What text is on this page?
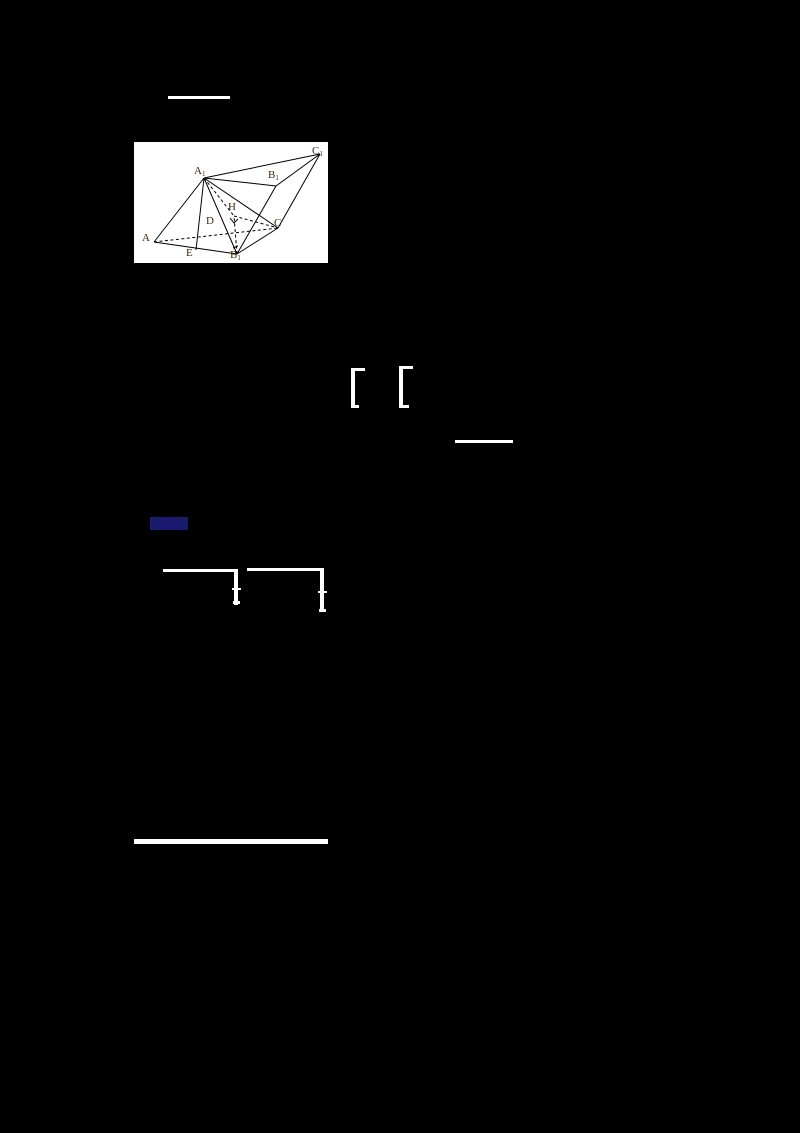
$A_1$
$C_1$
$B_1$
H
D	C
A
E	$B_1$
